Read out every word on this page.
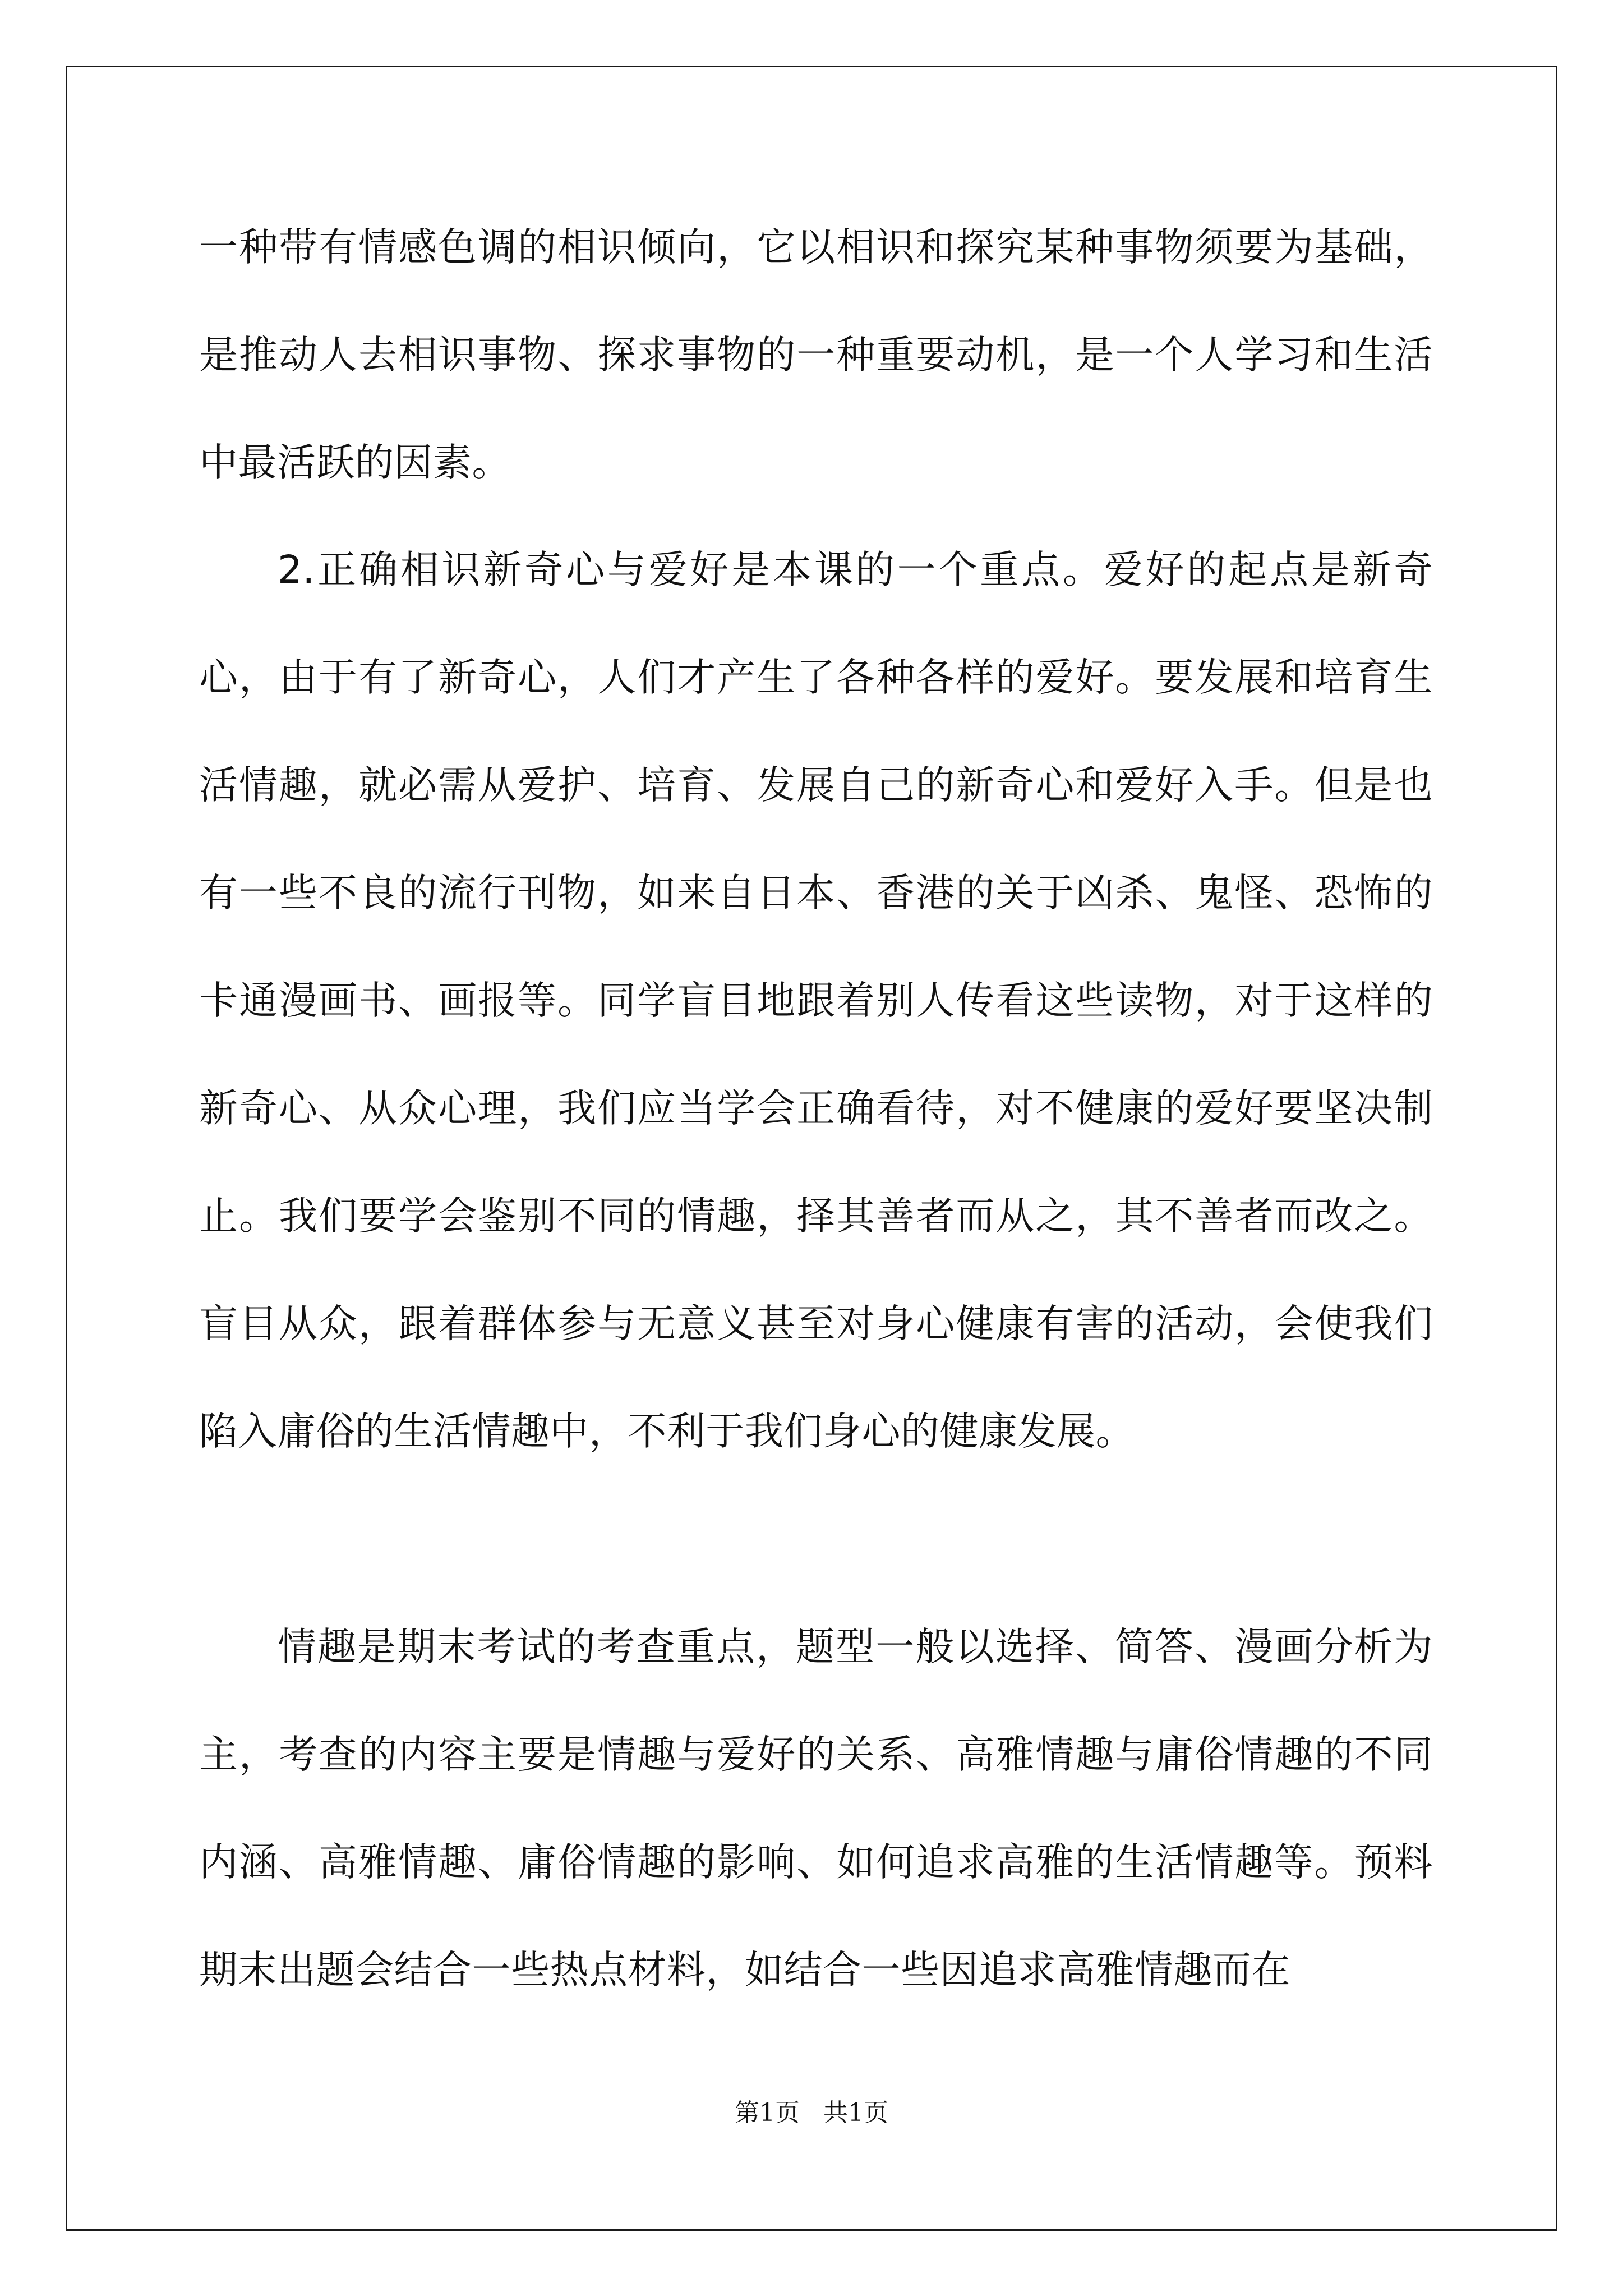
一种带有情感色调的相识倾向，它以相识和探究某种事物须要为基础，是推动人去相识事物、探求事物的一种重要动机，是一个人学习和生活中最活跃的因素。

2.正确相识新奇心与爱好是本课的一个重点。爱好的起点是新奇心，由于有了新奇心，人们才产生了各种各样的爱好。要发展和培育生活情趣，就必需从爱护、培育、发展自己的新奇心和爱好入手。但是也有一些不良的流行刊物，如来自日本、香港的关于凶杀、鬼怪、恐怖的卡通漫画书、画报等。同学盲目地跟着别人传看这些读物，对于这样的新奇心、从众心理，我们应当学会正确看待，对不健康的爱好要坚决制止。我们要学会鉴别不同的情趣，择其善者而从之，其不善者而改之。盲目从众，跟着群体参与无意义甚至对身心健康有害的活动，会使我们陷入庸俗的生活情趣中，不利于我们身心的健康发展。

情趣是期末考试的考查重点，题型一般以选择、简答、漫画分析为主，考查的内容主要是情趣与爱好的关系、高雅情趣与庸俗情趣的不同内涵、高雅情趣、庸俗情趣的影响、如何追求高雅的生活情趣等。预料期末出题会结合一些热点材料，如结合一些因追求高雅情趣而在

第1页   共1页
